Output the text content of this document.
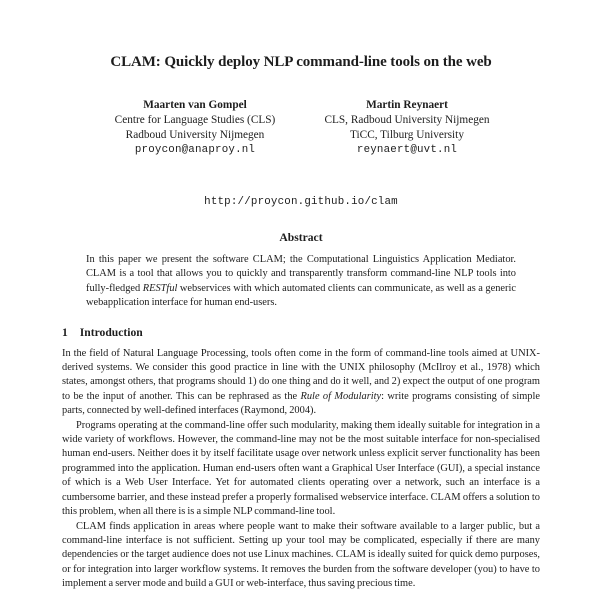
CLAM: Quickly deploy NLP command-line tools on the web
Maarten van Gompel
Centre for Language Studies (CLS)
Radboud University Nijmegen
proycon@anaproy.nl
Martin Reynaert
CLS, Radboud University Nijmegen
TiCC, Tilburg University
reynaert@uvt.nl
http://proycon.github.io/clam
Abstract

In this paper we present the software CLAM; the Computational Linguistics Application Mediator. CLAM is a tool that allows you to quickly and transparently transform command-line NLP tools into fully-fledged RESTful webservices with which automated clients can communicate, as well as a generic webapplication interface for human end-users.

1 Introduction

In the field of Natural Language Processing, tools often come in the form of command-line tools aimed at UNIX-derived systems. We consider this good practice in line with the UNIX philosophy (McIlroy et al., 1978) which states, amongst others, that programs should 1) do one thing and do it well, and 2) expect the output of one program to be the input of another. This can be rephrased as the Rule of Modularity: write programs consisting of simple parts, connected by well-defined interfaces (Raymond, 2004).

Programs operating at the command-line offer such modularity, making them ideally suitable for integration in a wide variety of workflows. However, the command-line may not be the most suitable interface for non-specialised human end-users. Neither does it by itself facilitate usage over network unless explicit server functionality has been programmed into the application. Human end-users often want a Graphical User Interface (GUI), a special instance of which is a Web User Interface. Yet for automated clients operating over a network, such an interface is a cumbersome barrier, and these instead prefer a properly formalised webservice interface. CLAM offers a solution to this problem, when all there is is a simple NLP command-line tool.

CLAM finds application in areas where people want to make their software available to a larger public, but a command-line interface is not sufficient. Setting up your tool may be complicated, especially if there are many dependencies or the target audience does not use Linux machines. CLAM is ideally suited for quick demo purposes, or for integration into larger workflow systems. It removes the burden from the software developer (you) to have to implement a server mode and build a GUI or web-interface, thus saving precious time.
